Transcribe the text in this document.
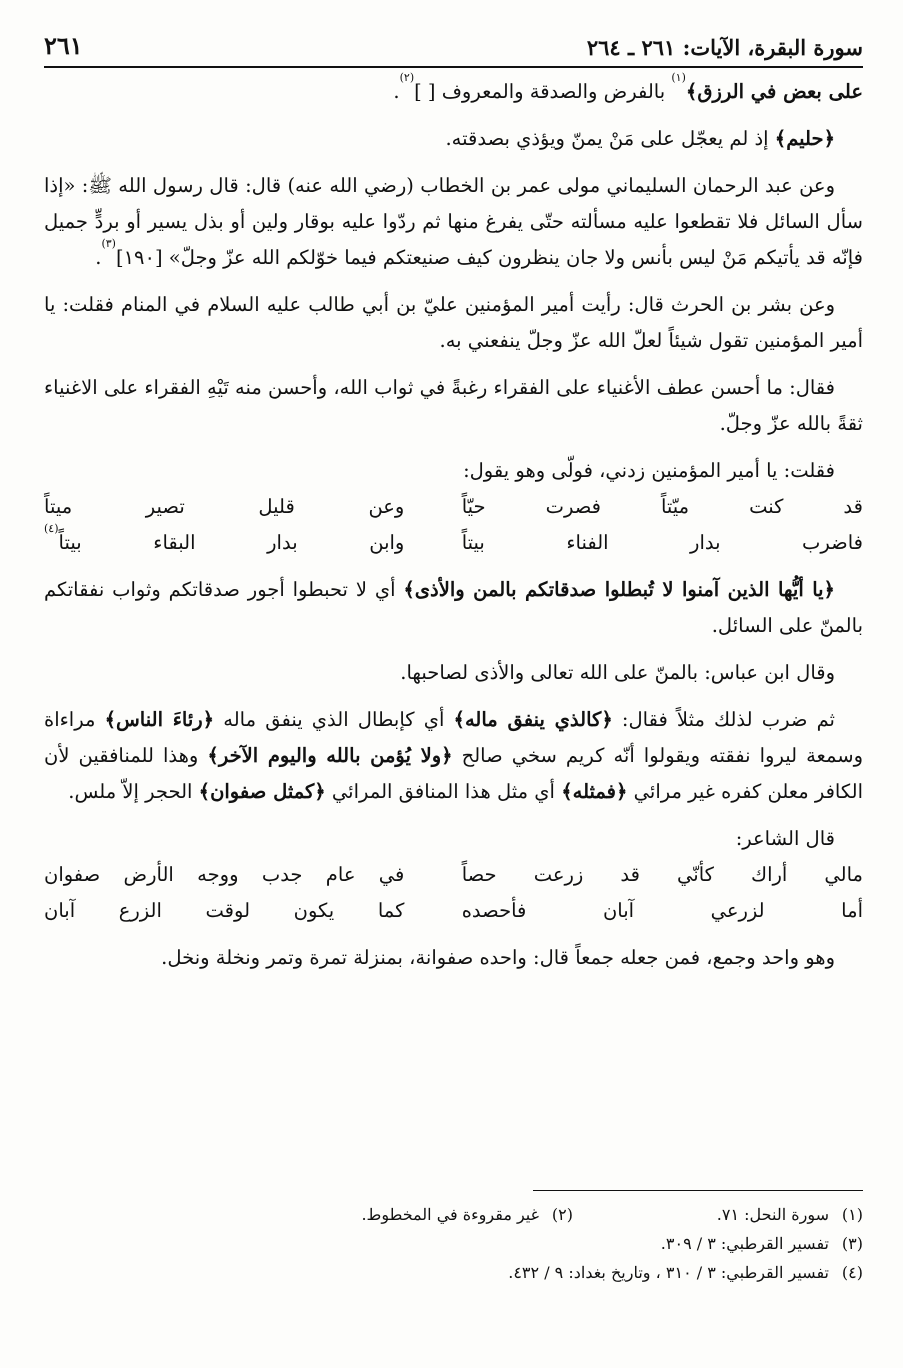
سورة البقرة، الآيات: ٢٦١ ـ ٢٦٤
٢٦١

على بعض في الرزق﴾$^{(١)}$ بالفرض والصدقة والمعروف [ ]$^{(٢)}$.

﴿حليم﴾ إذ لم يعجّل على مَنْ يمنّ ويؤذي بصدقته.

وعن عبد الرحمان السليماني مولى عمر بن الخطاب (رضي الله عنه) قال: قال رسول الله ﷺ: «إذا سأل السائل فلا تقطعوا عليه مسألته حتّى يفرغ منها ثم ردّوا عليه بوقار ولين أو بذل يسير أو بردٍّ جميل فإنّه قد يأتيكم مَنْ ليس بأنس ولا جان ينظرون كيف صنيعتكم فيما خوّلكم الله عزّ وجلّ» [١٩٠]$^{(٣)}$.

وعن بشر بن الحرث قال: رأيت أمير المؤمنين عليّ بن أبي طالب عليه السلام في المنام فقلت: يا أمير المؤمنين تقول شيئاً لعلّ الله عزّ وجلّ ينفعني به.

فقال: ما أحسن عطف الأغنياء على الفقراء رغبةً في ثواب الله، وأحسن منه تَيْهِ الفقراء على الاغنياء ثقةً بالله عزّ وجلّ.

فقلت: يا أمير المؤمنين زدني، فولّى وهو يقول:

قد كنت ميّتاً فصرت حيّاً
وعن قليل تصير ميتاً
فاضرب بدار الفناء بيتاً
وابن بدار البقاء بيتاً$^{(٤)}$

﴿يا أيُّها الذين آمنوا لا تُبطلوا صدقاتكم بالمن والأذى﴾ أي لا تحبطوا أجور صدقاتكم وثواب نفقاتكم بالمنّ على السائل.

وقال ابن عباس: بالمنّ على الله تعالى والأذى لصاحبها.

ثم ضرب لذلك مثلاً فقال: ﴿كالذي ينفق ماله﴾ أي كإبطال الذي ينفق ماله ﴿رئاءَ الناس﴾ مراءاة وسمعة ليروا نفقته ويقولوا أنّه كريم سخي صالح ﴿ولا يُؤمن بالله واليوم الآخر﴾ وهذا للمنافقين لأن الكافر معلن كفره غير مرائي ﴿فمثله﴾ أي مثل هذا المنافق المرائي ﴿كمثل صفوان﴾ الحجر إلاّ ملس.

قال الشاعر:

مالي أراك كأنّي قد زرعت حصاً
في عام جدب ووجه الأرض صفوان
أما لزرعي آبان فأحصده
كما يكون لوقت الزرع آبان

وهو واحد وجمع، فمن جعله جمعاً قال: واحده صفوانة، بمنزلة تمرة وتمر ونخلة ونخل.

(١)سورة النحل: ٧١.

(٢)غير مقروءة في المخطوط.

(٣)تفسير القرطبي: ٣ / ٣٠٩.

(٤)تفسير القرطبي: ٣ / ٣١٠ ، وتاريخ بغداد: ٩ / ٤٣٢.
